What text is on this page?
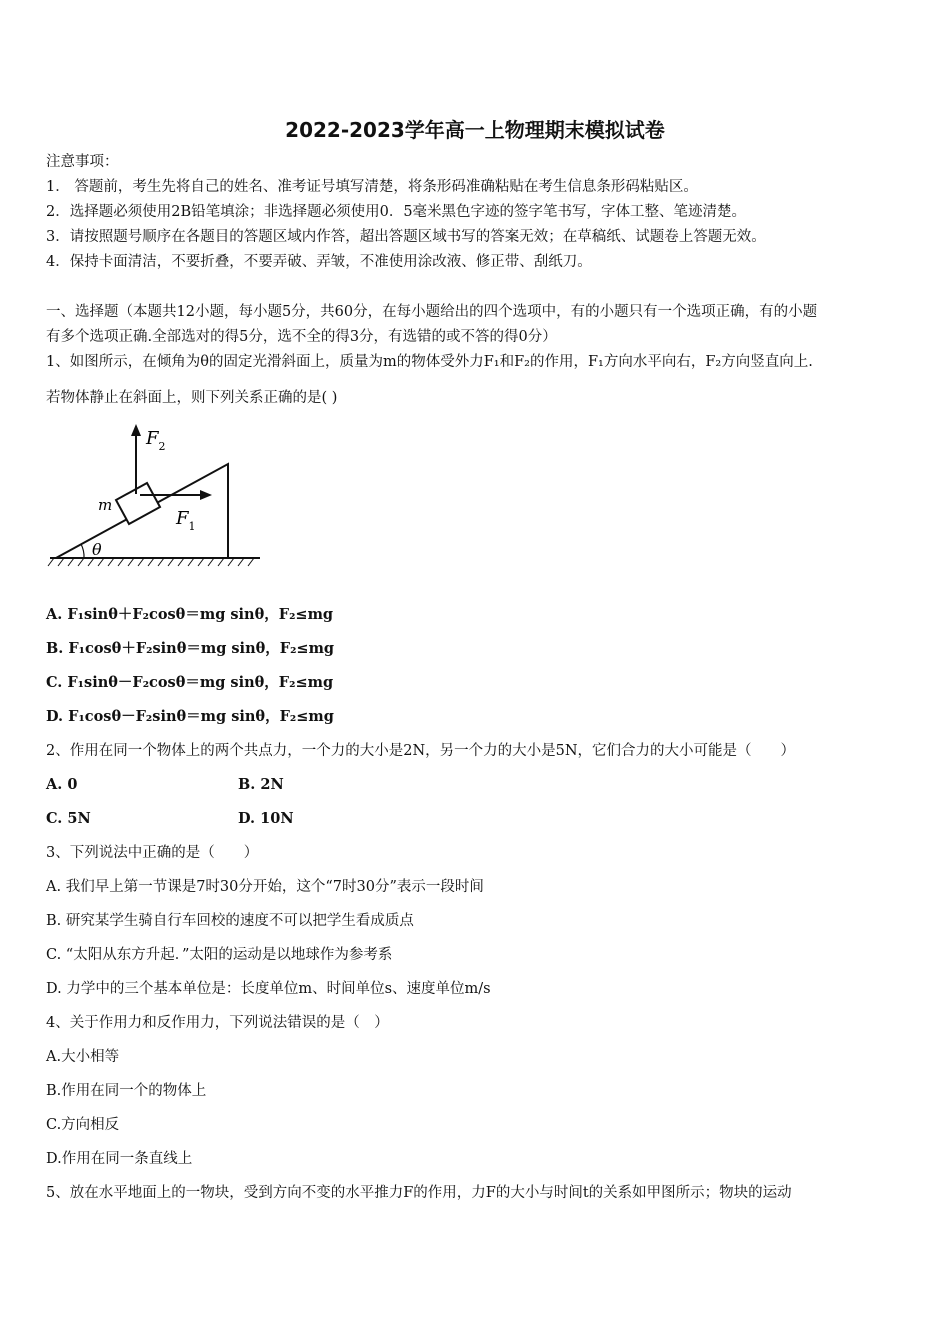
2022-2023学年高一上物理期末模拟试卷
注意事项：
1． 答题前，考生先将自己的姓名、准考证号填写清楚，将条形码准确粘贴在考生信息条形码粘贴区。
2．选择题必须使用2B铅笔填涂；非选择题必须使用0．5毫米黑色字迹的签字笔书写，字体工整、笔迹清楚。
3．请按照题号顺序在各题目的答题区域内作答，超出答题区域书写的答案无效；在草稿纸、试题卷上答题无效。
4．保持卡面清洁，不要折叠，不要弄破、弄皱，不准使用涂改液、修正带、刮纸刀。
一、选择题（本题共12小题，每小题5分，共60分，在每小题给出的四个选项中，有的小题只有一个选项正确，有的小题
有多个选项正确.全部选对的得5分，选不全的得3分，有选错的或不答的得0分）
1、如图所示，在倾角为θ的固定光滑斜面上，质量为m的物体受外力F₁和F₂的作用，F₁方向水平向右，F₂方向竖直向上.
若物体静止在斜面上，则下列关系正确的是( )
θ
m
$F_2$
$F_1$
A. F₁sinθ＋F₂cosθ＝mg sinθ，F₂≤mg
B. F₁cosθ＋F₂sinθ＝mg sinθ，F₂≤mg
C. F₁sinθ－F₂cosθ＝mg sinθ，F₂≤mg
D. F₁cosθ－F₂sinθ＝mg sinθ，F₂≤mg
2、作用在同一个物体上的两个共点力，一个力的大小是2N，另一个力的大小是5N，它们合力的大小可能是（　　）
A. 0	B. 2N
C. 5N	D. 10N
3、下列说法中正确的是（　　）
A. 我们早上第一节课是7时30分开始，这个“7时30分”表示一段时间
B. 研究某学生骑自行车回校的速度不可以把学生看成质点
C. “太阳从东方升起．”太阳的运动是以地球作为参考系
D. 力学中的三个基本单位是：长度单位m、时间单位s、速度单位m/s
4、关于作用力和反作用力，下列说法错误的是（　）
A.大小相等
B.作用在同一个的物体上
C.方向相反
D.作用在同一条直线上
5、放在水平地面上的一物块，受到方向不变的水平推力F的作用，力F的大小与时间t的关系如甲图所示；物块的运动
